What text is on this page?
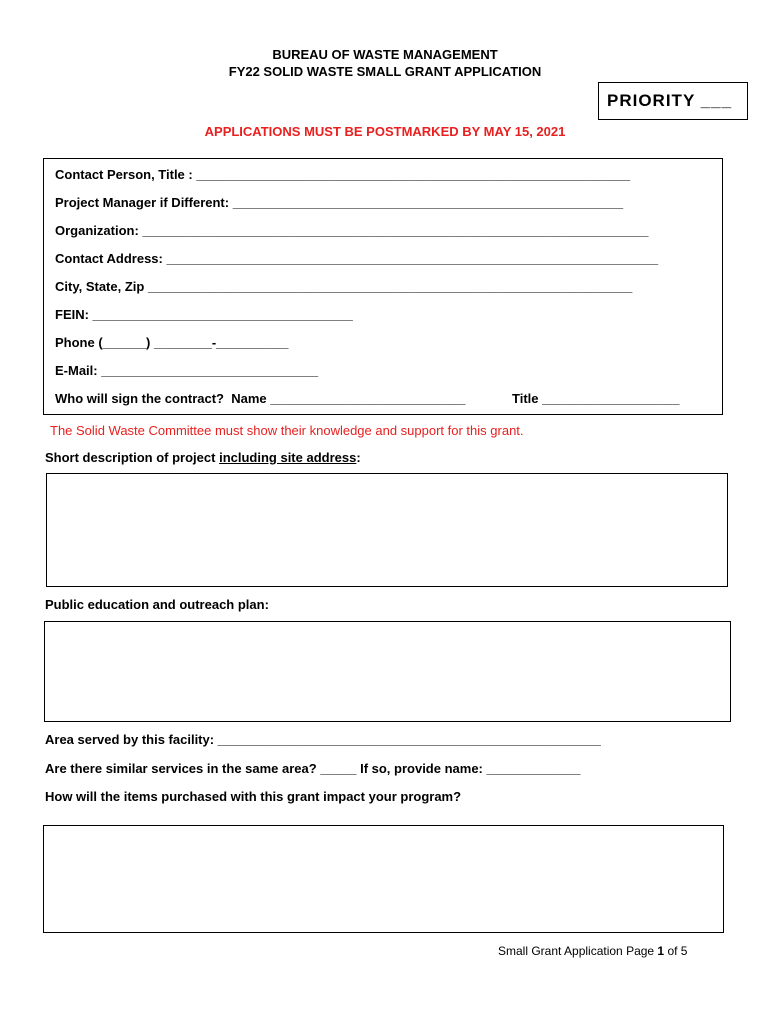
BUREAU OF WASTE MANAGEMENT
FY22 SOLID WASTE SMALL GRANT APPLICATION
PRIORITY ___
APPLICATIONS MUST BE POSTMARKED BY MAY 15, 2021
Contact Person, Title : ____________________________________________________________
Project Manager if Different: ______________________________________________________
Organization: ______________________________________________________________________
Contact Address: ____________________________________________________________________
City, State, Zip ___________________________________________________________________
FEIN: ____________________________________
Phone (______) ________-__________
E-Mail: ______________________________
Who will sign the contract?  Name ___________________________	Title ___________________
The Solid Waste Committee must show their knowledge and support for this grant.
Short description of project including site address:
Public education and outreach plan:
Area served by this facility: _____________________________________________________
Are there similar services in the same area? _____ If so, provide name: _____________
How will the items purchased with this grant impact your program?
Small Grant Application Page 1 of 5
